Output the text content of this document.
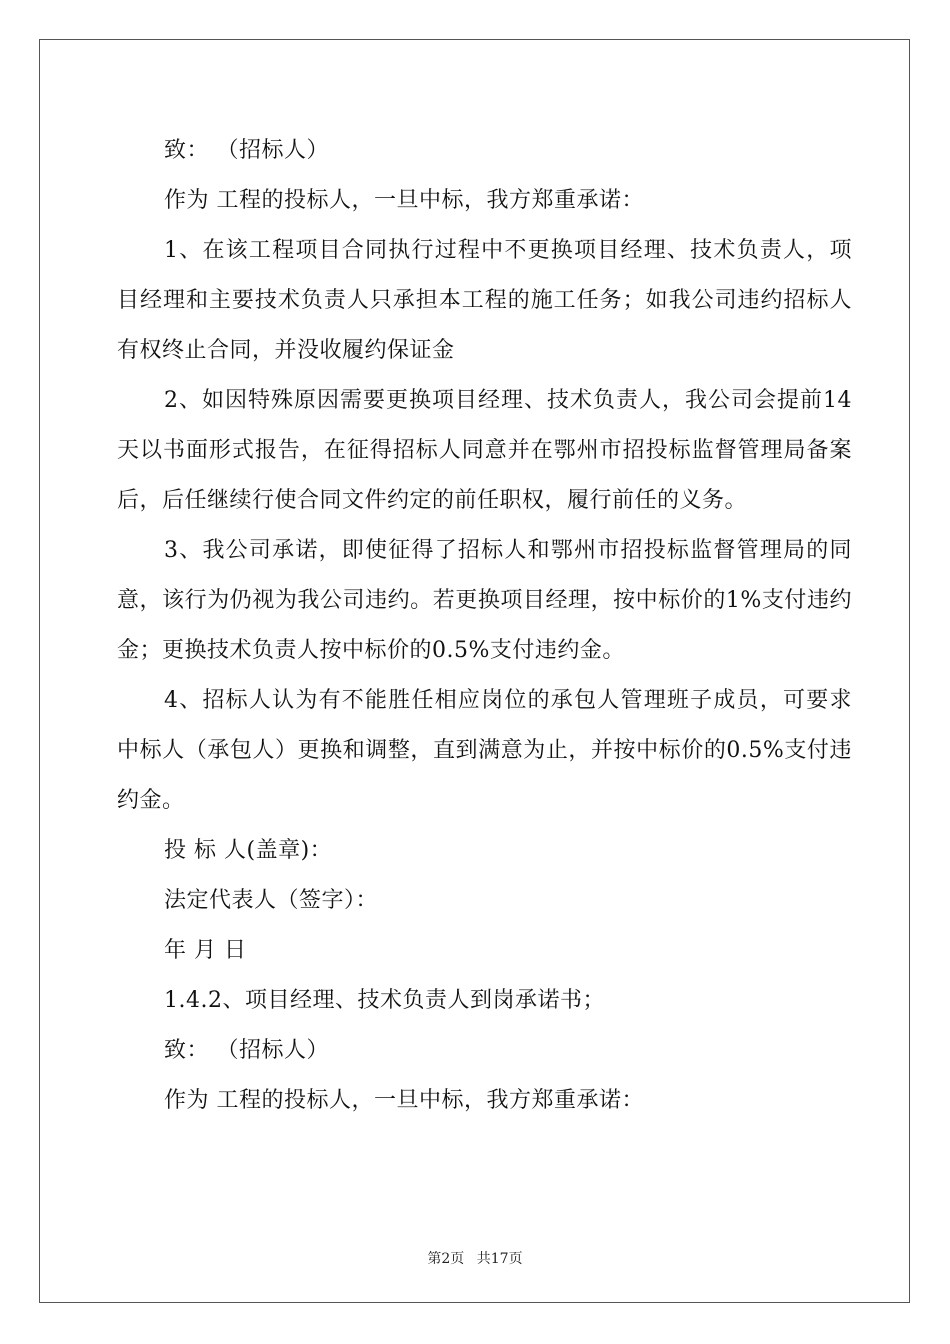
致： （招标人）

作为 工程的投标人，一旦中标，我方郑重承诺：

1、在该工程项目合同执行过程中不更换项目经理、技术负责人，项目经理和主要技术负责人只承担本工程的施工任务；如我公司违约招标人有权终止合同，并没收履约保证金

2、如因特殊原因需要更换项目经理、技术负责人，我公司会提前14天以书面形式报告，在征得招标人同意并在鄂州市招投标监督管理局备案后，后任继续行使合同文件约定的前任职权，履行前任的义务。

3、我公司承诺，即使征得了招标人和鄂州市招投标监督管理局的同意，该行为仍视为我公司违约。若更换项目经理，按中标价的1%支付违约金；更换技术负责人按中标价的0.5%支付违约金。

4、招标人认为有不能胜任相应岗位的承包人管理班子成员，可要求中标人（承包人）更换和调整，直到满意为止，并按中标价的0.5%支付违约金。

投 标 人(盖章)：

法定代表人（签字）：

年 月 日

1.4.2、项目经理、技术负责人到岗承诺书；

致： （招标人）

作为 工程的投标人，一旦中标，我方郑重承诺：

第2页 共17页
